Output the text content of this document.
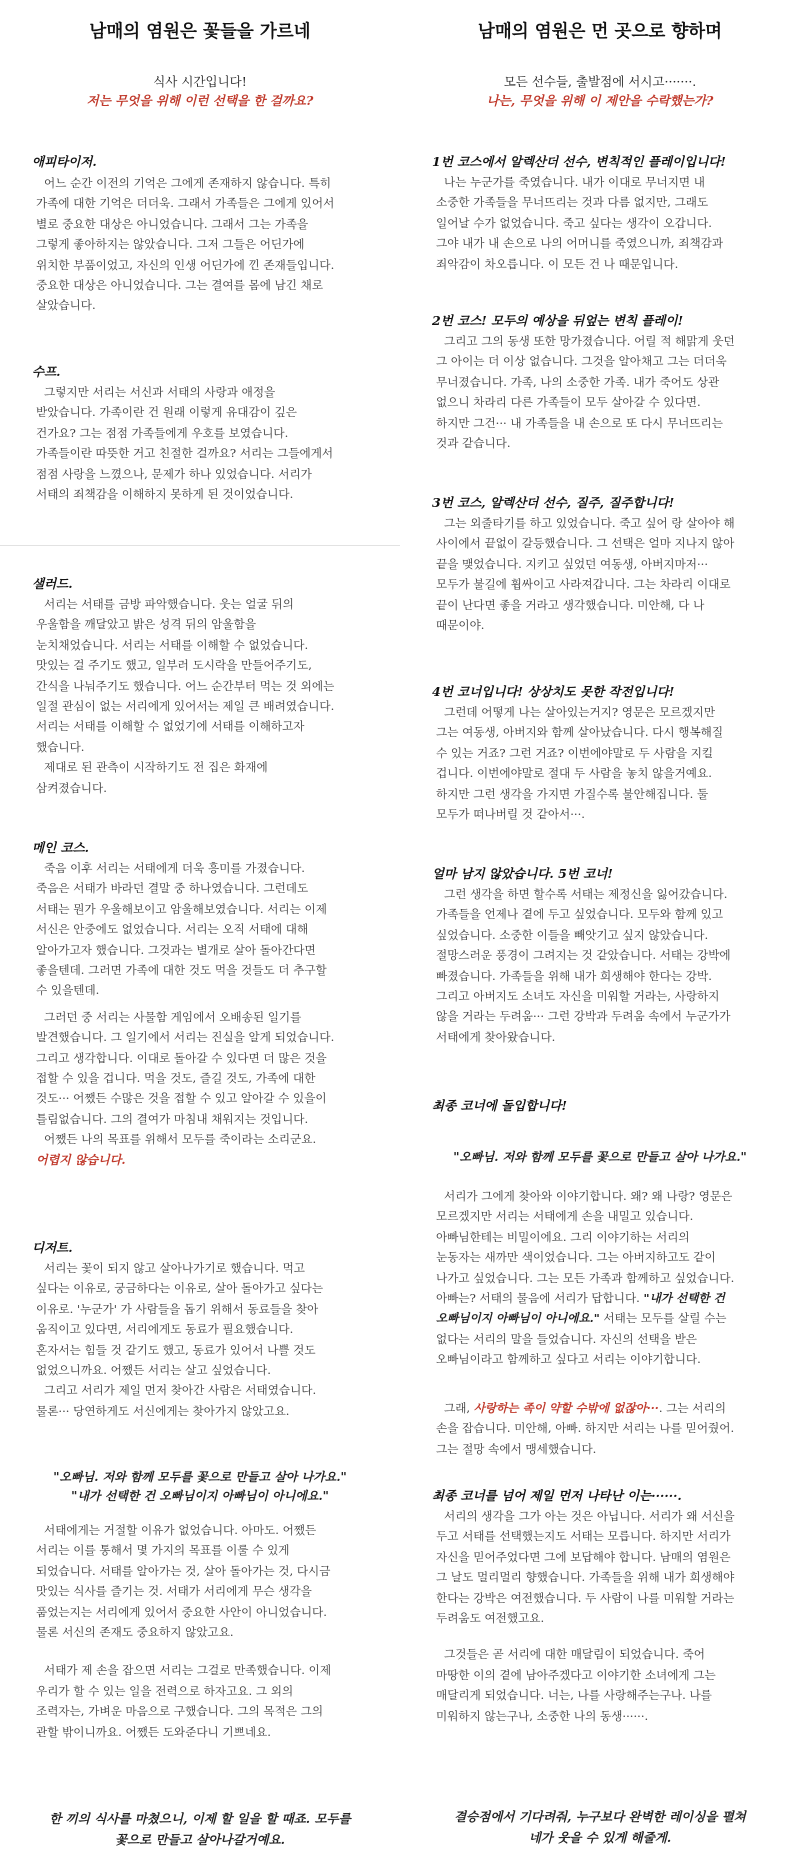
남매의 염원은 꽃들을 가르네
식사 시간입니다!
저는 무엇을 위해 이런 선택을 한 걸까요?
애피타이저.
어느 순간 이전의 기억은 그에게 존재하지 않습니다. 특히
가족에 대한 기억은 더더욱. 그래서 가족들은 그에게 있어서
별로 중요한 대상은 아니었습니다. 그래서 그는 가족을
그렇게 좋아하지는 않았습니다. 그저 그들은 어딘가에
위치한 부품이었고, 자신의 인생 어딘가에 낀 존재들입니다.
중요한 대상은 아니었습니다. 그는 결여를 몸에 남긴 채로
살았습니다.
수프.
그렇지만 서리는 서신과 서태의 사랑과 애정을
받았습니다. 가족이란 건 원래 이렇게 유대감이 깊은
건가요? 그는 점점 가족들에게 우호를 보였습니다.
가족들이란 따뜻한 거고 친절한 걸까요? 서리는 그들에게서
점점 사랑을 느꼈으나, 문제가 하나 있었습니다. 서리가
서태의 죄책감을 이해하지 못하게 된 것이었습니다.
샐러드.
서리는 서태를 금방 파악했습니다. 웃는 얼굴 뒤의
우울함을 깨달았고 밝은 성격 뒤의 암울함을
눈치채었습니다. 서리는 서태를 이해할 수 없었습니다.
맛있는 걸 주기도 했고, 일부러 도시락을 만들어주기도,
간식을 나눠주기도 했습니다. 어느 순간부터 먹는 것 외에는
일절 관심이 없는 서리에게 있어서는 제일 큰 배려였습니다.
서리는 서태를 이해할 수 없었기에 서태를 이해하고자
했습니다.
제대로 된 관측이 시작하기도 전 집은 화재에
삼켜졌습니다.
메인 코스.
죽음 이후 서리는 서태에게 더욱 흥미를 가졌습니다.
죽음은 서태가 바라던 결말 중 하나였습니다. 그런데도
서태는 뭔가 우울해보이고 암울해보였습니다. 서리는 이제
서신은 안중에도 없었습니다. 서리는 오직 서태에 대해
알아가고자 했습니다. 그것과는 별개로 살아 돌아간다면
좋을텐데. 그러면 가족에 대한 것도 먹을 것들도 더 추구할
수 있을텐데.
그러던 중 서리는 사물함 게임에서 오배송된 일기를
발견했습니다. 그 일기에서 서리는 진실을 알게 되었습니다.
그리고 생각합니다. 이대로 돌아갈 수 있다면 더 많은 것을
접할 수 있을 겁니다. 먹을 것도, 즐길 것도, 가족에 대한
것도··· 어쨌든 수많은 것을 접할 수 있고 알아갈 수 있을이
틀림없습니다. 그의 결여가 마침내 채워지는 것입니다.
어쨌든 나의 목표를 위해서 모두를 죽이라는 소리군요.
어렵지 않습니다.
디저트.
서리는 꽃이 되지 않고 살아나가기로 했습니다. 먹고
싶다는 이유로, 궁금하다는 이유로, 살아 돌아가고 싶다는
이유로. '누군가' 가 사람들을 돕기 위해서 동료들을 찾아
움직이고 있다면, 서리에게도 동료가 필요했습니다.
혼자서는 힘들 것 같기도 했고, 동료가 있어서 나쁠 것도
없었으니까요. 어쨌든 서리는 살고 싶었습니다.
그리고 서리가 제일 먼저 찾아간 사람은 서태였습니다.
물론··· 당연하게도 서신에게는 찾아가지 않았고요.
"오빠님. 저와 함께 모두를 꽃으로 만들고 살아 나가요."
"내가 선택한 건 오빠님이지 아빠님이 아니에요."
서태에게는 거절할 이유가 없었습니다. 아마도. 어쨌든
서리는 이를 통해서 몇 가지의 목표를 이룰 수 있게
되었습니다. 서태를 알아가는 것, 살아 돌아가는 것, 다시금
맛있는 식사를 즐기는 것. 서태가 서리에게 무슨 생각을
품었는지는 서리에게 있어서 중요한 사안이 아니었습니다.
물론 서신의 존재도 중요하지 않았고요.
서태가 제 손을 잡으면 서리는 그걸로 만족했습니다. 이제
우리가 할 수 있는 일을 전력으로 하자고요. 그 외의
조력자는, 가벼운 마음으로 구했습니다. 그의 목적은 그의
관할 밖이니까요. 어쨌든 도와준다니 기쁘네요.
한 끼의 식사를 마쳤으니, 이제 할 일을 할 때죠. 모두를
꽃으로 만들고 살아나갈거예요.
남매의 염원은 먼 곳으로 향하며
모든 선수들, 출발점에 서시고·······.
나는, 무엇을 위해 이 제안을 수락했는가?
1번 코스에서 알렉산더 선수, 변칙적인 플레이입니다!
나는 누군가를 죽였습니다. 내가 이대로 무너지면 내
소중한 가족들을 무너뜨리는 것과 다름 없지만, 그래도
일어날 수가 없었습니다. 죽고 싶다는 생각이 오갑니다.
그야 내가 내 손으로 나의 어머니를 죽였으니까, 죄책감과
죄악감이 차오릅니다. 이 모든 건 나 때문입니다.
2번 코스! 모두의 예상을 뒤엎는 변칙 플레이!
그리고 그의 동생 또한 망가졌습니다. 어릴 적 해맑게 웃던
그 아이는 더 이상 없습니다. 그것을 알아채고 그는 더더욱
무너졌습니다. 가족, 나의 소중한 가족. 내가 죽어도 상관
없으니 차라리 다른 가족들이 모두 살아갈 수 있다면.
하지만 그건··· 내 가족들을 내 손으로 또 다시 무너뜨리는
것과 같습니다.
3번 코스, 알렉산더 선수, 질주, 질주합니다!
그는 외줄타기를 하고 있었습니다. 죽고 싶어 랑 살아야 해
사이에서 끝없이 갈등했습니다. 그 선택은 얼마 지나지 않아
끝을 맺었습니다. 지키고 싶었던 여동생, 아버지마저···
모두가 불길에 휩싸이고 사라져갑니다. 그는 차라리 이대로
끝이 난다면 좋을 거라고 생각했습니다. 미안해, 다 나
때문이야.
4번 코너입니다! 상상치도 못한 작전입니다!
그런데 어떻게 나는 살아있는거지? 영문은 모르겠지만
그는 여동생, 아버지와 함께 살아났습니다. 다시 행복해질
수 있는 거죠? 그런 거죠? 이번에야말로 두 사람을 지킬
겁니다. 이번에야말로 절대 두 사람을 놓치 않을거예요.
하지만 그런 생각을 가지면 가질수록 불안해집니다. 둘
모두가 떠나버릴 것 같아서···.
얼마 남지 않았습니다. 5번 코너!
그런 생각을 하면 할수록 서태는 제정신을 잃어갔습니다.
가족들을 언제나 곁에 두고 싶었습니다. 모두와 함께 있고
싶었습니다. 소중한 이들을 빼앗기고 싶지 않았습니다.
절망스러운 풍경이 그려지는 것 같았습니다. 서태는 강박에
빠졌습니다. 가족들을 위해 내가 희생해야 한다는 강박.
그리고 아버지도 소녀도 자신을 미워할 거라는, 사랑하지
않을 거라는 두려움··· 그런 강박과 두려움 속에서 누군가가
서태에게 찾아왔습니다.
최종 코너에 돌입합니다!
"오빠님. 저와 함께 모두를 꽃으로 만들고 살아 나가요."
서리가 그에게 찾아와 이야기합니다. 왜? 왜 나랑? 영문은
모르겠지만 서리는 서태에게 손을 내밀고 있습니다.
아빠님한테는 비밀이에요. 그리 이야기하는 서리의
눈동자는 새까만 색이었습니다. 그는 아버지하고도 같이
나가고 싶었습니다. 그는 모든 가족과 함께하고 싶었습니다.
아빠는? 서태의 물음에 서리가 답합니다. "내가 선택한 건
오빠님이지 아빠님이 아니에요." 서태는 모두를 살릴 수는
없다는 서리의 말을 들었습니다. 자신의 선택을 받은
오빠님이라고 함께하고 싶다고 서리는 이야기합니다.
그래, 사랑하는 족이 약할 수밖에 없잖아···. 그는 서리의
손을 잡습니다. 미안해, 아빠. 하지만 서리는 나를 믿어줬어.
그는 절망 속에서 맹세했습니다.
최종 코너를 넘어 제일 먼저 나타난 이는······.
서리의 생각을 그가 아는 것은 아닙니다. 서리가 왜 서신을
두고 서태를 선택했는지도 서태는 모릅니다. 하지만 서리가
자신을 믿어주었다면 그에 보답해야 합니다. 남매의 염원은
그 날도 멀리멀리 향했습니다. 가족들을 위해 내가 희생해야
한다는 강박은 여전했습니다. 두 사람이 나를 미워할 거라는
두려움도 여전했고요.
그것들은 곧 서리에 대한 매달림이 되었습니다. 죽어
마땅한 이의 곁에 남아주겠다고 이야기한 소녀에게 그는
매달리게 되었습니다. 너는, 나를 사랑해주는구나. 나를
미워하지 않는구나, 소중한 나의 동생······.
결승점에서 기다려줘, 누구보다 완벽한 레이싱을 펼쳐
네가 웃을 수 있게 해줄게.
